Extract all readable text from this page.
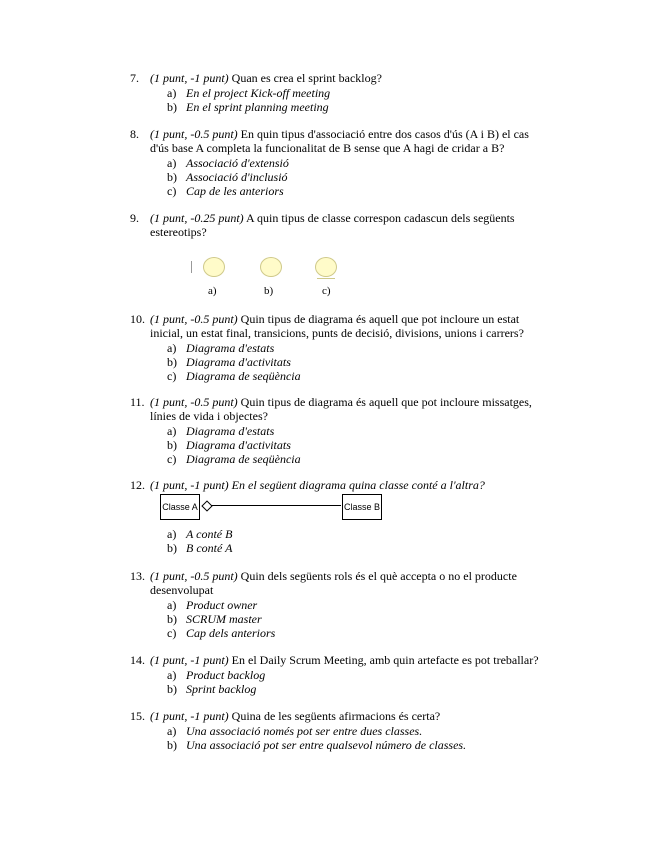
7. (1 punt, -1 punt) Quan es crea el sprint backlog?
a) En el project Kick-off meeting
b) En el sprint planning meeting
8. (1 punt, -0.5 punt) En quin tipus d'associació entre dos casos d'ús (A i B) el cas d'ús base A completa la funcionalitat de B sense que A hagi de cridar a B?
a) Associació d'extensió
b) Associació d'inclusió
c) Cap de les anteriors
9. (1 punt, -0.25 punt) A quin tipus de classe correspon cadascun dels següents estereotips?
a)	b)	c)
10. (1 punt, -0.5 punt) Quin tipus de diagrama és aquell que pot incloure un estat inicial, un estat final, transicions, punts de decisió, divisions, unions i carrers?
a) Diagrama d'estats
b) Diagrama d'activitats
c) Diagrama de seqüència
11. (1 punt, -0.5 punt) Quin tipus de diagrama és aquell que pot incloure missatges, línies de vida i objectes?
a) Diagrama d'estats
b) Diagrama d'activitats
c) Diagrama de seqüència
12. (1 punt, -1 punt) En el següent diagrama quina classe conté a l'altra?
Classe A	Classe B
a) A conté B
b) B conté A
13. (1 punt, -0.5 punt) Quin dels següents rols és el què accepta o no el producte desenvolupat
a) Product owner
b) SCRUM master
c) Cap dels anteriors
14. (1 punt, -1 punt) En el Daily Scrum Meeting, amb quin artefacte es pot treballar?
a) Product backlog
b) Sprint backlog
15. (1 punt, -1 punt) Quina de les següents afirmacions és certa?
a) Una associació només pot ser entre dues classes.
b) Una associació pot ser entre qualsevol número de classes.
